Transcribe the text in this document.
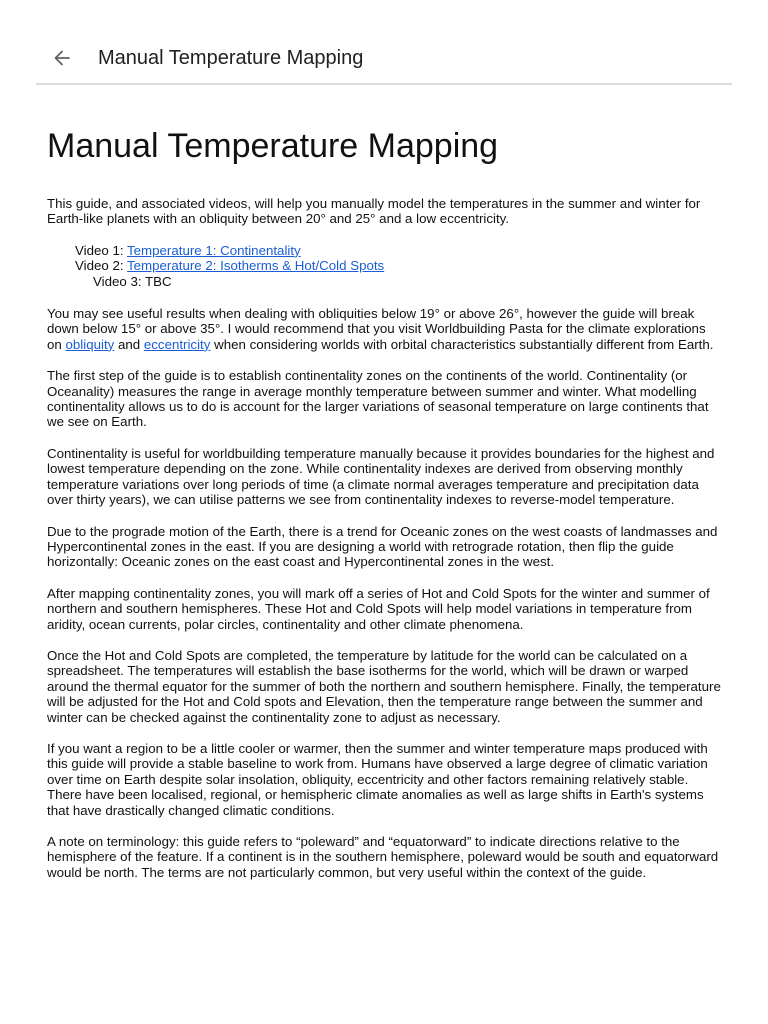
Manual Temperature Mapping
Manual Temperature Mapping

This guide, and associated videos, will help you manually model the temperatures in the summer and winter for Earth-like planets with an obliquity between 20° and 25° and a low eccentricity.

Video 1: Temperature 1: Continentality
Video 2: Temperature 2: Isotherms & Hot/Cold Spots
Video 3: TBC

You may see useful results when dealing with obliquities below 19° or above 26°, however the guide will break down below 15° or above 35°. I would recommend that you visit Worldbuilding Pasta for the climate explorations on obliquity and eccentricity when considering worlds with orbital characteristics substantially different from Earth.

The first step of the guide is to establish continentality zones on the continents of the world. Continentality (or Oceanality) measures the range in average monthly temperature between summer and winter. What modelling continentality allows us to do is account for the larger variations of seasonal temperature on large continents that we see on Earth.

Continentality is useful for worldbuilding temperature manually because it provides boundaries for the highest and lowest temperature depending on the zone. While continentality indexes are derived from observing monthly temperature variations over long periods of time (a climate normal averages temperature and precipitation data over thirty years), we can utilise patterns we see from continentality indexes to reverse-model temperature.

Due to the prograde motion of the Earth, there is a trend for Oceanic zones on the west coasts of landmasses and Hypercontinental zones in the east. If you are designing a world with retrograde rotation, then flip the guide horizontally: Oceanic zones on the east coast and Hypercontinental zones in the west.

After mapping continentality zones, you will mark off a series of Hot and Cold Spots for the winter and summer of northern and southern hemispheres. These Hot and Cold Spots will help model variations in temperature from aridity, ocean currents, polar circles, continentality and other climate phenomena.

Once the Hot and Cold Spots are completed, the temperature by latitude for the world can be calculated on a spreadsheet. The temperatures will establish the base isotherms for the world, which will be drawn or warped around the thermal equator for the summer of both the northern and southern hemisphere. Finally, the temperature will be adjusted for the Hot and Cold spots and Elevation, then the temperature range between the summer and winter can be checked against the continentality zone to adjust as necessary.

If you want a region to be a little cooler or warmer, then the summer and winter temperature maps produced with this guide will provide a stable baseline to work from. Humans have observed a large degree of climatic variation over time on Earth despite solar insolation, obliquity, eccentricity and other factors remaining relatively stable. There have been localised, regional, or hemispheric climate anomalies as well as large shifts in Earth's systems that have drastically changed climatic conditions.

A note on terminology: this guide refers to “poleward” and “equatorward” to indicate directions relative to the hemisphere of the feature. If a continent is in the southern hemisphere, poleward would be south and equatorward would be north. The terms are not particularly common, but very useful within the context of the guide.
